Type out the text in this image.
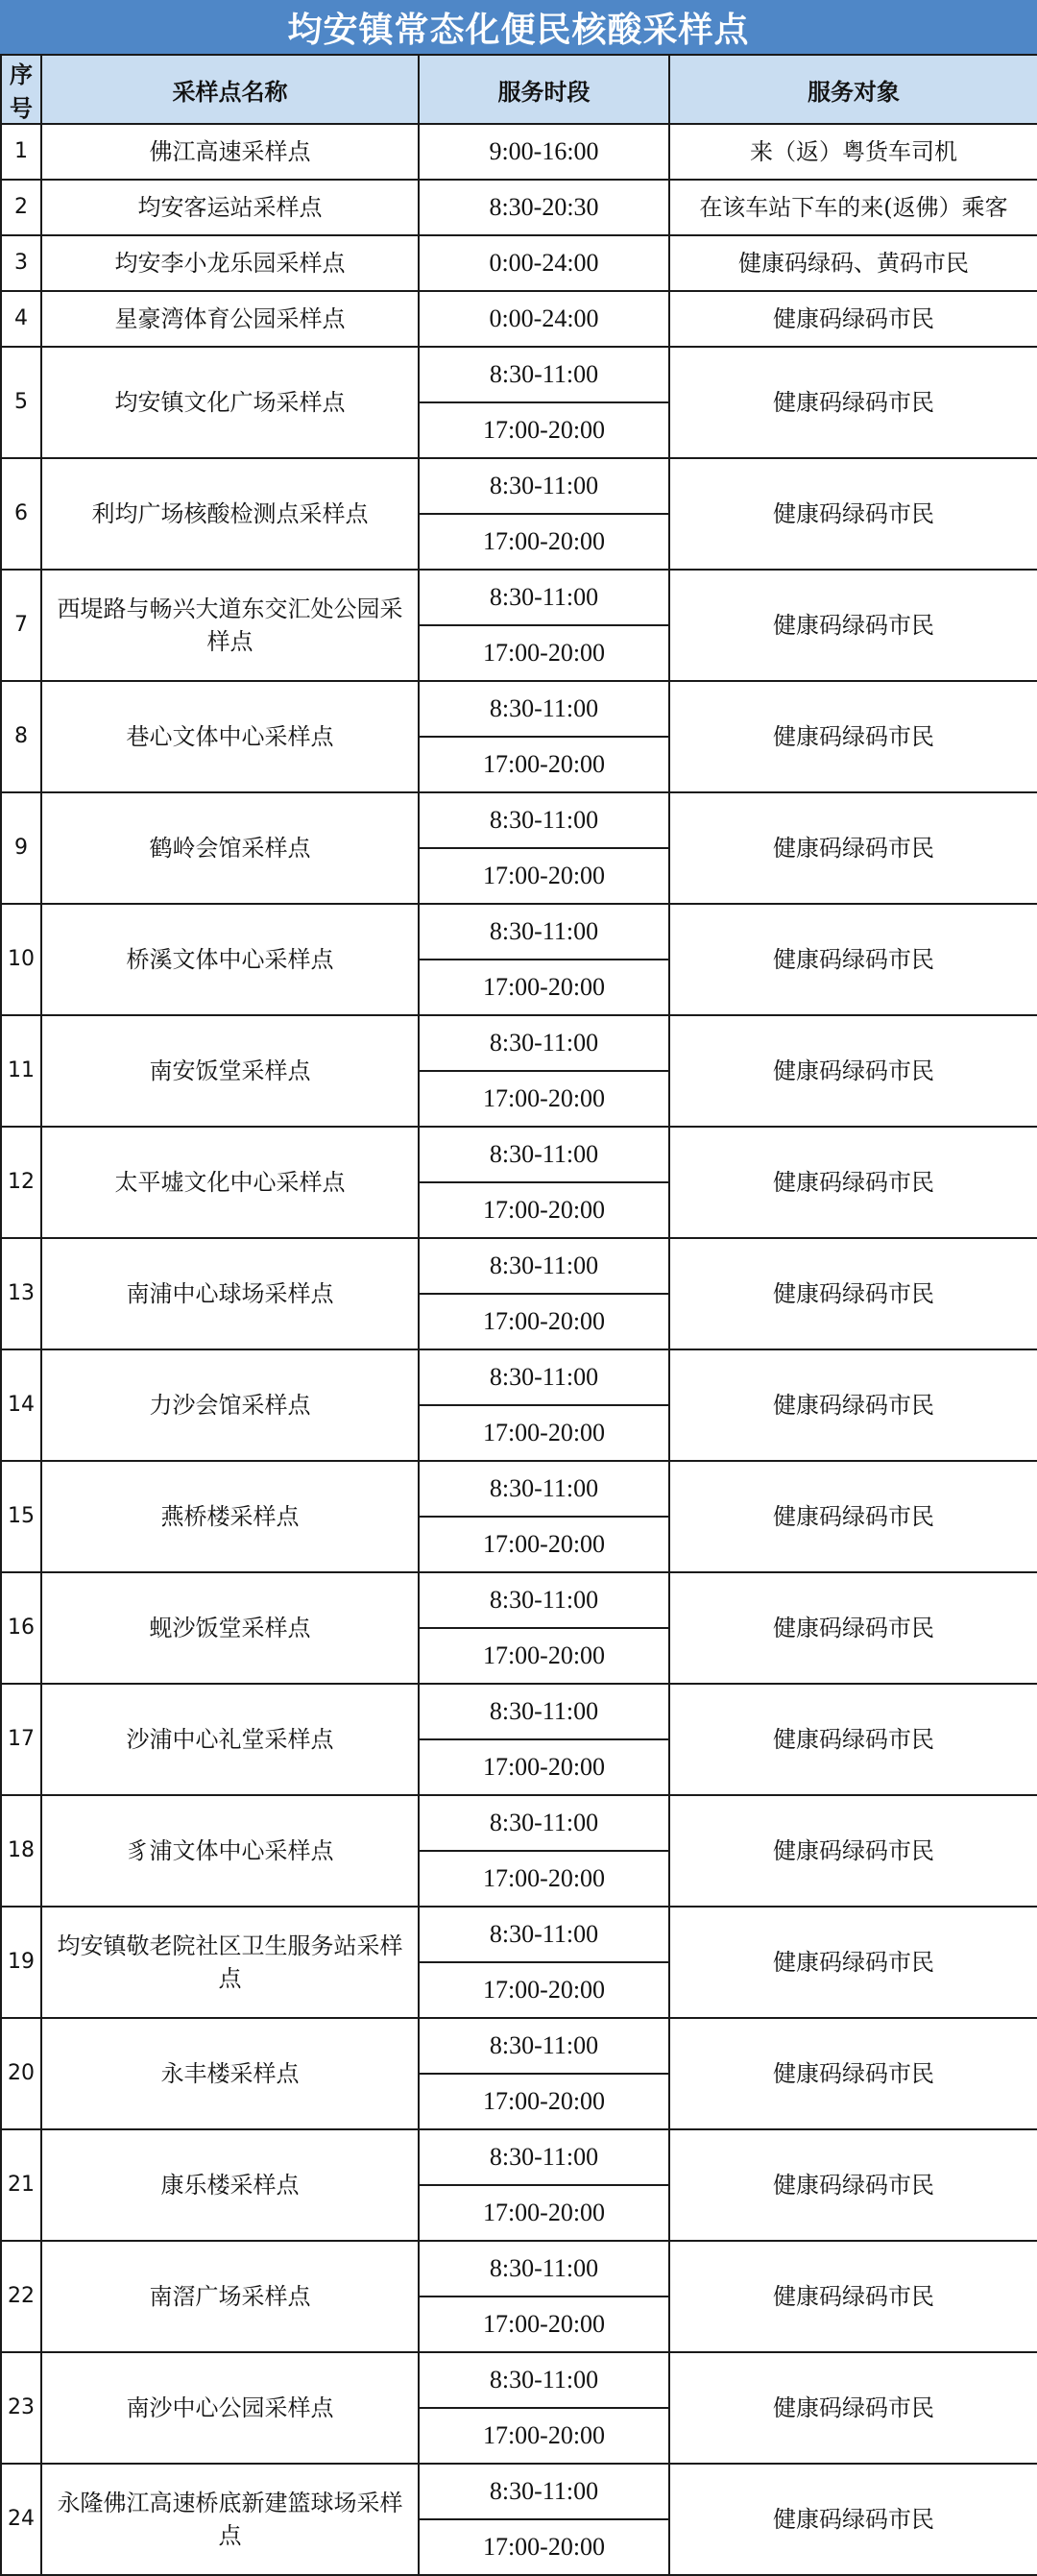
均安镇常态化便民核酸采样点
序号	采样点名称	服务时段	服务对象
1	佛江高速采样点	9:00-16:00	来（返）粤货车司机
2	均安客运站采样点	8:30-20:30	在该车站下车的来(返佛）乘客
3	均安李小龙乐园采样点	0:00-24:00	健康码绿码、黄码市民
4	星豪湾体育公园采样点	0:00-24:00	健康码绿码市民
5	均安镇文化广场采样点	8:30-11:00	健康码绿码市民
		17:00-20:00	
6	利均广场核酸检测点采样点	8:30-11:00	健康码绿码市民
		17:00-20:00	
7	西堤路与畅兴大道东交汇处公园采样点	8:30-11:00	健康码绿码市民
		17:00-20:00	
8	巷心文体中心采样点	8:30-11:00	健康码绿码市民
		17:00-20:00	
9	鹤岭会馆采样点	8:30-11:00	健康码绿码市民
		17:00-20:00	
10	桥溪文体中心采样点	8:30-11:00	健康码绿码市民
		17:00-20:00	
11	南安饭堂采样点	8:30-11:00	健康码绿码市民
		17:00-20:00	
12	太平墟文化中心采样点	8:30-11:00	健康码绿码市民
		17:00-20:00	
13	南浦中心球场采样点	8:30-11:00	健康码绿码市民
		17:00-20:00	
14	力沙会馆采样点	8:30-11:00	健康码绿码市民
		17:00-20:00	
15	燕桥楼采样点	8:30-11:00	健康码绿码市民
		17:00-20:00	
16	蚬沙饭堂采样点	8:30-11:00	健康码绿码市民
		17:00-20:00	
17	沙浦中心礼堂采样点	8:30-11:00	健康码绿码市民
		17:00-20:00	
18	豸浦文体中心采样点	8:30-11:00	健康码绿码市民
		17:00-20:00	
19	均安镇敬老院社区卫生服务站采样点	8:30-11:00	健康码绿码市民
		17:00-20:00	
20	永丰楼采样点	8:30-11:00	健康码绿码市民
		17:00-20:00	
21	康乐楼采样点	8:30-11:00	健康码绿码市民
		17:00-20:00	
22	南滘广场采样点	8:30-11:00	健康码绿码市民
		17:00-20:00	
23	南沙中心公园采样点	8:30-11:00	健康码绿码市民
		17:00-20:00	
24	永隆佛江高速桥底新建篮球场采样点	8:30-11:00	健康码绿码市民
		17:00-20:00	
